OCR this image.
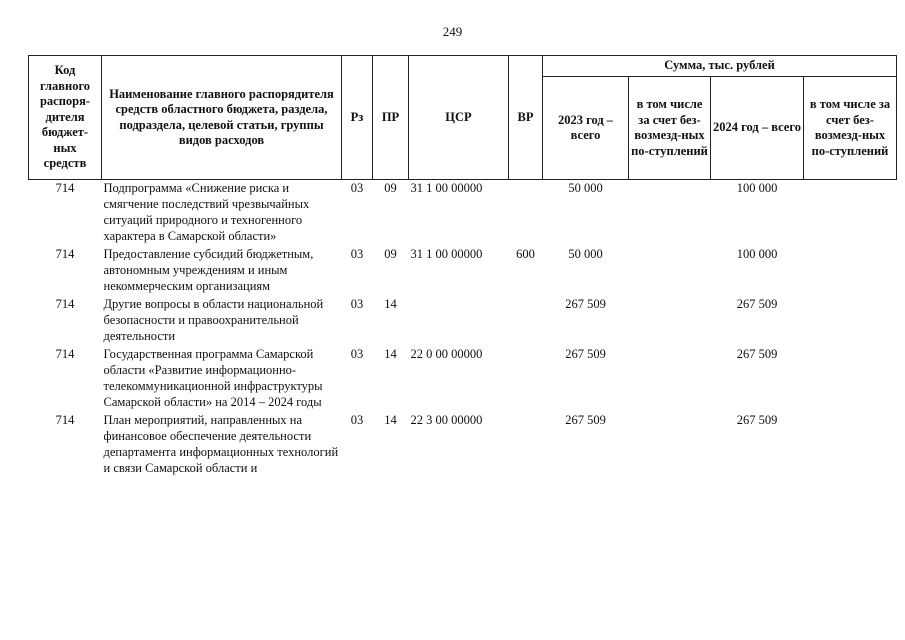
249
Код главного распоря-дителя бюджет-ных средств	Наименование главного распорядителя средств областного бюджета, раздела, подраздела, целевой статьи, группы видов расходов	Рз	ПР	ЦСР	ВР	Сумма, тыс. рублей			
						2023 год – всего	в том числе за счет без-возмезд-ных по-ступлений	2024 год – всего	в том числе за счет без-возмезд-ных по-ступлений
714	Подпрограмма «Снижение риска и смягчение последствий чрезвычайных ситуаций природного и техногенного характера в Самарской области»	03	09	31 1 00 00000		50 000		100 000	
714	Предоставление субсидий бюджетным, автономным учреждениям и иным некоммерческим организациям	03	09	31 1 00 00000	600	50 000		100 000	
714	Другие вопросы в области национальной безопасности и правоохранительной деятельности	03	14			267 509		267 509	
714	Государственная программа Самарской области «Развитие информационно-телекоммуникационной инфраструктуры Самарской области» на 2014 – 2024 годы	03	14	22 0 00 00000		267 509		267 509	
714	План мероприятий, направленных на финансовое обеспечение деятельности департамента информационных технологий и связи Самарской области и	03	14	22 3 00 00000		267 509		267 509	
